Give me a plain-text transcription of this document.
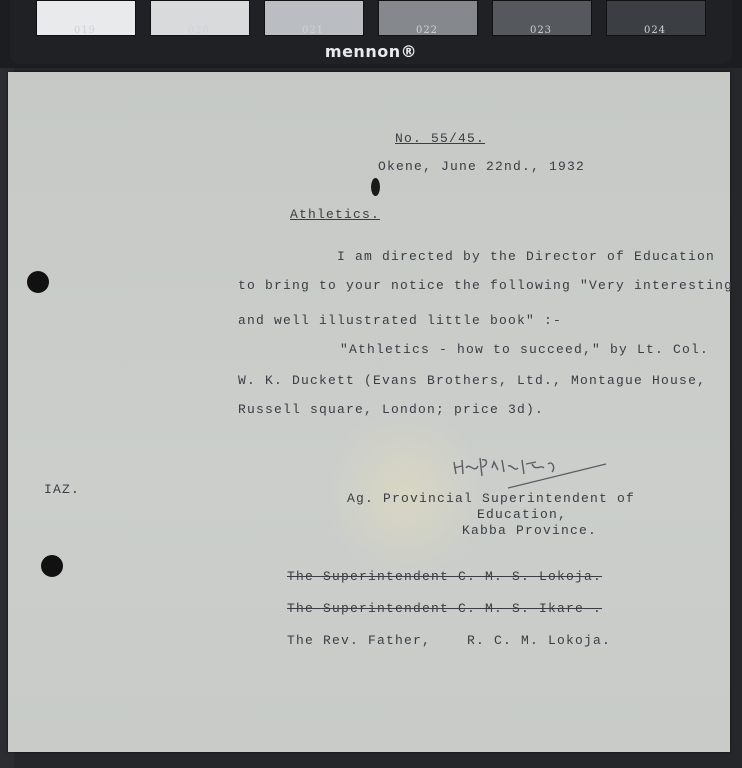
019	020	021	022	023	024
mennon®
No. 55/45.
Okene, June 22nd., 1932
Athletics.
I am directed by the Director of Education
to bring to your notice the following "Very interesting
and well illustrated little book" :-
"Athletics - how to succeed," by Lt. Col.
W. K. Duckett (Evans Brothers, Ltd., Montague House,
Russell square, London; price 3d).
IAZ.
Ag. Provincial Superintendent of
Education,
Kabba Province.
The Superintendent C. M. S. Lokoja.
The Superintendent C. M. S. Ikare .
The Rev. Father,    R. C. M. Lokoja.
